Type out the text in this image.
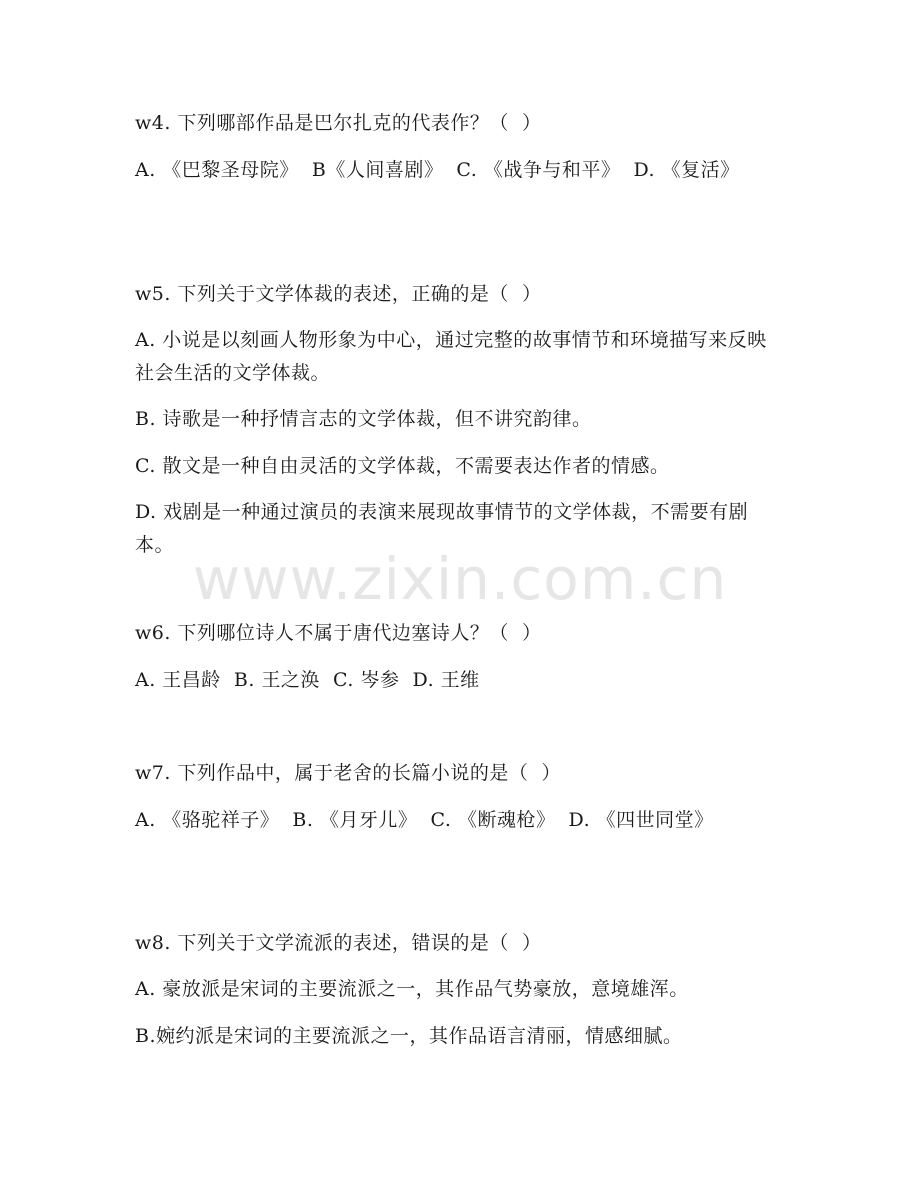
www.zixin.com.cn
w4. 下列哪部作品是巴尔扎克的代表作？（  ）
A. 《巴黎圣母院》  B《人间喜剧》  C. 《战争与和平》  D. 《复活》
w5. 下列关于文学体裁的表述，正确的是（  ）
A. 小说是以刻画人物形象为中心，通过完整的故事情节和环境描写来反映社会生活的文学体裁。
B. 诗歌是一种抒情言志的文学体裁，但不讲究韵律。
C. 散文是一种自由灵活的文学体裁，不需要表达作者的情感。
D. 戏剧是一种通过演员的表演来展现故事情节的文学体裁，不需要有剧本。
w6. 下列哪位诗人不属于唐代边塞诗人？（  ）
A. 王昌龄  B. 王之涣  C. 岑参  D. 王维
w7. 下列作品中，属于老舍的长篇小说的是（  ）
A. 《骆驼祥子》  B. 《月牙儿》  C. 《断魂枪》  D. 《四世同堂》
w8. 下列关于文学流派的表述，错误的是（  ）
A. 豪放派是宋词的主要流派之一，其作品气势豪放，意境雄浑。
B.婉约派是宋词的主要流派之一，其作品语言清丽，情感细腻。
